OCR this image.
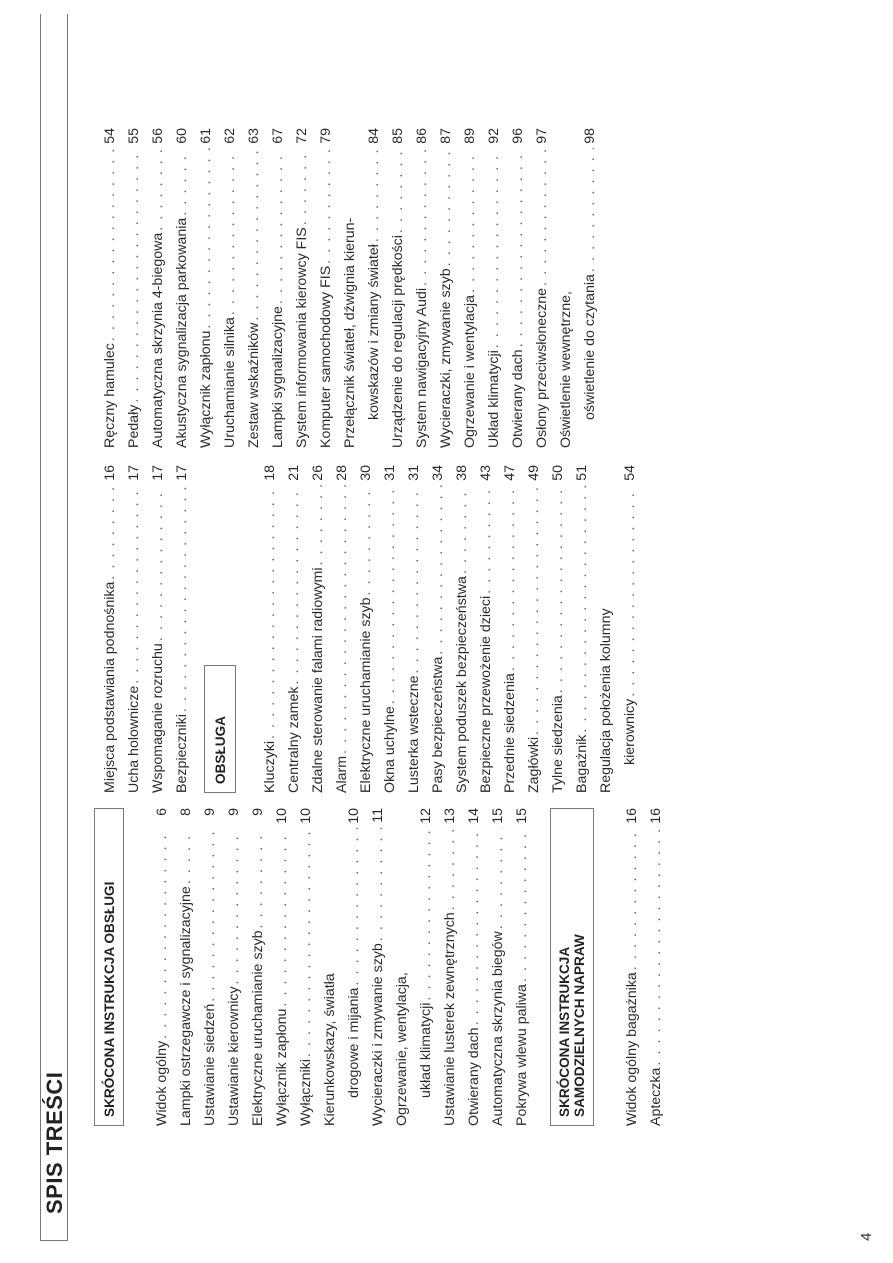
SPIS TREŚCI
SKRÓCONA INSTRUKCJA OBSŁUGI	Widok ogólny
. . .
6
Lampki ostrzegawcze i sygnalizacyjne
. . .
8
Ustawianie siedzeń
. . .
9
Ustawianie kierownicy
. . .
9
Elektryczne uruchamianie szyb
. . .
9
Wyłącznik zapłonu
. . .
10
Wyłączniki
. . .
10
Kierunkowskazy, światła drogowe i mijania
. . .
10
Wycieraczki i zmywanie szyb
. . .
11
Ogrzewanie, wentylacja, układ klimatycji
. . .
12
Ustawianie lusterek zewnętrznych
. . .
13
Otwierany dach
. . .
14
Automatyczna skrzynia biegów
. . .
15
Pokrywa wlewu paliwa
. . .
15
SKRÓCONA INSTRUKCJA SAMODZIELNYCH NAPRAW	Widok ogólny bagażnika
. . .
16
Apteczka
. . .
16
Miejsca podstawiania podnośnika
. . .
16
Ucha holownicze
. . .
17
Wspomaganie rozruchu
. . .
17
Bezpieczniki
. . .
17
OBSŁUGA Kluczyki
. . .
18
Centralny zamek
. . .
21
Zdalne sterowanie falami radiowymi
. . .
26
Alarm
. . .
28
Elektryczne uruchamianie szyb
. . .
30
Okna uchylne
. . .
31
Lusterka wsteczne
. . .
31
Pasy bezpieczeństwa
. . .
34
System poduszek bezpieczeństwa
. . .
38
Bezpieczne przewożenie dzieci
. . .
43
Przednie siedzenia
. . .
47
Zagłówki
. . .
49
Tylne siedzenia
. . .
50
Bagażnik
. . .
51
Regulacja położenia kolumny kierownicy
. . .
54
Ręczny hamulec
. . .
54
Pedały
. . .
55
Automatyczna skrzynia 4-biegowa
. . .
56
Akustyczna sygnalizacja parkowania
. . .
60
Wyłącznik zapłonu
. . .
61
Uruchamianie silnika
. . .
62
Zestaw wskaźników
. . .
63
Lampki sygnalizacyjne
. . .
67
System informowania kierowcy FIS
. . .
72
Komputer samochodowy FIS
. . .
79
Przełącznik świateł, dźwignia kierun- kowskazów i zmiany świateł
. . .
84
Urządzenie do regulacji prędkości
. . .
85
System nawigacyjny Audi
. . .
86
Wycieraczki, zmywanie szyb
. . .
87
Ogrzewanie i wentylacja
. . .
89
Układ klimatycji
. . .
92
Otwierany dach
. . .
96
Osłony przeciwsłoneczne
. . .
97
Oświetlenie wewnętrzne, oświetlenie do czytania
. . .
98
4
